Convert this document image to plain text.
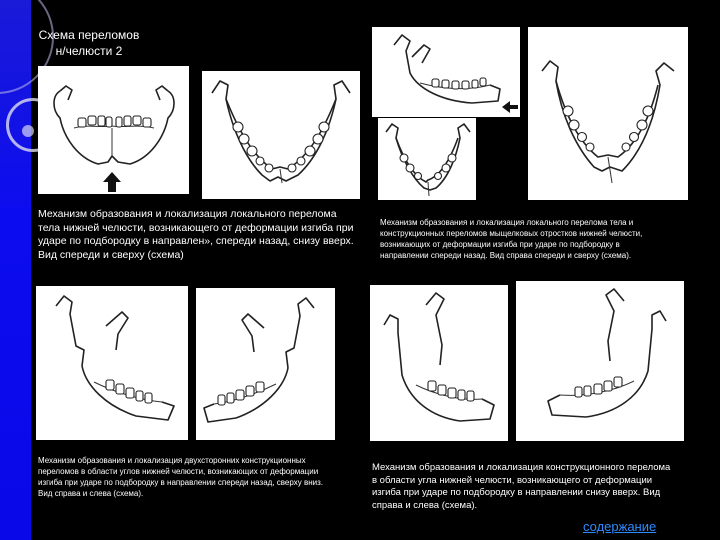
Схема переломов н/челюсти 2
Механизм образования и локализация локального перелома тела нижней челюсти, возникающего от деформации изгиба при ударе по подбородку в направлен», спереди назад, снизу вверх. Вид спереди и сверху (схема)
Механизм образования и локализация локального перелома тела и конструкционных переломов мыщелковых отростков нижней челюсти, возникающих от деформации изгиба при ударе по подбородку в направлении спереди назад. Вид справа спереди и сверху (схема).
Механизм образования и локализация двухсторонних конструкционных переломов в области углов нижней челюсти, возникающих от деформации изгиба при ударе по подбородку в направлении спереди назад, сверху вниз. Вид справа и слева (схема).
Механизм образования и локализация конструкционного перелома в области угла нижней челюсти, возникающего от деформации изгиба при ударе по подбородку в направлении снизу вверх. Вид справа и слева (схема).
содержание
